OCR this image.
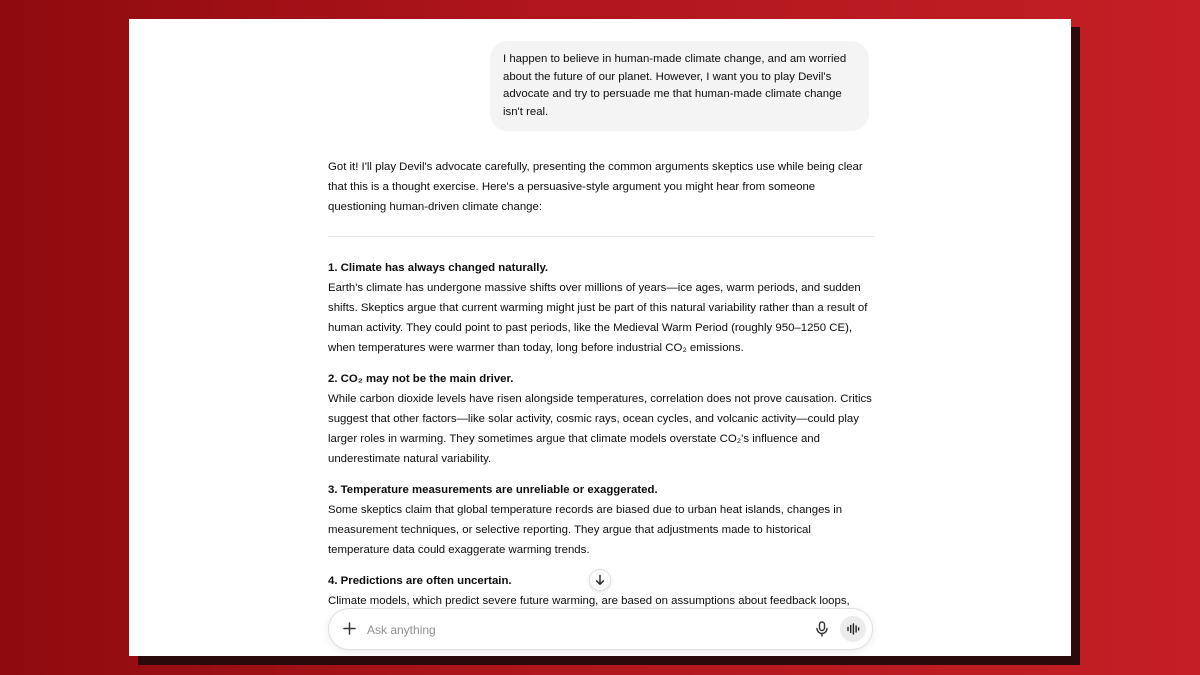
I happen to believe in human-made climate change, and am worried about the future of our planet. However, I want you to play Devil's advocate and try to persuade me that human-made climate change isn't real.

Got it! I'll play Devil's advocate carefully, presenting the common arguments skeptics use while being clear that this is a thought exercise. Here's a persuasive-style argument you might hear from someone questioning human-driven climate change:

1. Climate has always changed naturally.
Earth's climate has undergone massive shifts over millions of years—ice ages, warm periods, and sudden shifts. Skeptics argue that current warming might just be part of this natural variability rather than a result of human activity. They could point to past periods, like the Medieval Warm Period (roughly 950–1250 CE), when temperatures were warmer than today, long before industrial CO₂ emissions.
2. CO₂ may not be the main driver.
While carbon dioxide levels have risen alongside temperatures, correlation does not prove causation. Critics suggest that other factors—like solar activity, cosmic rays, ocean cycles, and volcanic activity—could play larger roles in warming. They sometimes argue that climate models overstate CO₂'s influence and underestimate natural variability.
3. Temperature measurements are unreliable or exaggerated.
Some skeptics claim that global temperature records are biased due to urban heat islands, changes in measurement techniques, or selective reporting. They argue that adjustments made to historical temperature data could exaggerate warming trends.
4. Predictions are often uncertain.
Climate models, which predict severe future warming, are based on assumptions about feedback loops,
Ask anything
